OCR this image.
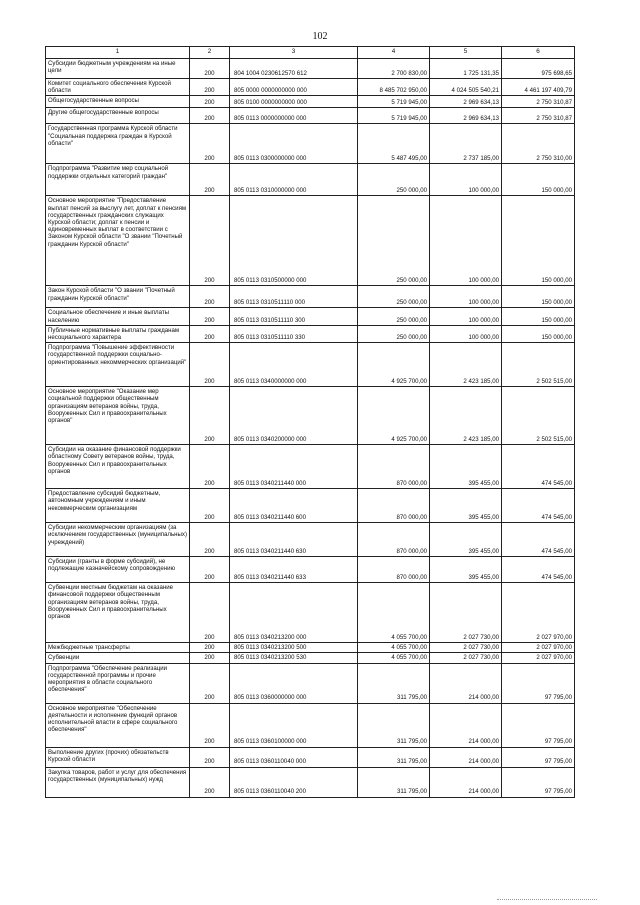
102
1	2	3	4	5	6
Субсидии бюджетным учреждениям на иные цели	200	804 1004 0230612570 612	2 700 830,00	1 725 131,35	975 698,65
Комитет социального обеспечения Курской области	200	805 0000 0000000000 000	8 485 702 950,00	4 024 505 540,21	4 461 197 409,79
Общегосударственные вопросы	200	805 0100 0000000000 000	5 719 945,00	2 969 634,13	2 750 310,87
Другие общегосударственные вопросы	200	805 0113 0000000000 000	5 719 945,00	2 969 634,13	2 750 310,87
Государственная программа Курской области "Социальная поддержка граждан в Курской области"	200	805 0113 0300000000 000	5 487 495,00	2 737 185,00	2 750 310,00
Подпрограмма "Развитие мер социальной поддержки отдельных категорий граждан"	200	805 0113 0310000000 000	250 000,00	100 000,00	150 000,00
Основное мероприятие "Предоставление выплат пенсий за выслугу лет, доплат к пенсиям государственных гражданских служащих Курской области; доплат к пенсии и единовременных выплат в соответствии с Законом Курской области "О звании "Почетный гражданин Курской области"	200	805 0113 0310500000 000	250 000,00	100 000,00	150 000,00
Закон Курской области "О звании "Почетный гражданин Курской области"	200	805 0113 0310511110 000	250 000,00	100 000,00	150 000,00
Социальное обеспечение и иные выплаты населению	200	805 0113 0310511110 300	250 000,00	100 000,00	150 000,00
Публичные нормативные выплаты гражданам несоциального характера	200	805 0113 0310511110 330	250 000,00	100 000,00	150 000,00
Подпрограмма "Повышение эффективности государственной поддержки социально-ориентированных некоммерческих организаций"	200	805 0113 0340000000 000	4 925 700,00	2 423 185,00	2 502 515,00
Основное мероприятие "Оказание мер социальной поддержки общественным организациям ветеранов войны, труда, Вооруженных Сил и правоохранительных органов"	200	805 0113 0340200000 000	4 925 700,00	2 423 185,00	2 502 515,00
Субсидии на оказание финансовой поддержки областному Совету ветеранов войны, труда, Вооруженных Сил и правоохранительных органов	200	805 0113 0340211440 000	870 000,00	395 455,00	474 545,00
Предоставление субсидий бюджетным, автономным учреждениям и иным некоммерческим организациям	200	805 0113 0340211440 600	870 000,00	395 455,00	474 545,00
Субсидии некоммерческим организациям (за исключением государственных (муниципальных) учреждений)	200	805 0113 0340211440 630	870 000,00	395 455,00	474 545,00
Субсидии (гранты в форме субсидий), не подлежащие казначейскому сопровождению	200	805 0113 0340211440 633	870 000,00	395 455,00	474 545,00
Субвенции местным бюджетам на оказание финансовой поддержки общественным организациям ветеранов войны, труда, Вооруженных Сил и правоохранительных органов	200	805 0113 0340213200 000	4 055 700,00	2 027 730,00	2 027 970,00
Межбюджетные трансферты	200	805 0113 0340213200 500	4 055 700,00	2 027 730,00	2 027 970,00
Субвенции	200	805 0113 0340213200 530	4 055 700,00	2 027 730,00	2 027 970,00
Подпрограмма "Обеспечение реализации государственной программы и прочие мероприятия в области социального обеспечения"	200	805 0113 0360000000 000	311 795,00	214 000,00	97 795,00
Основное мероприятие "Обеспечение деятельности и исполнение функций органов исполнительной власти в сфере социального обеспечения"	200	805 0113 0360100000 000	311 795,00	214 000,00	97 795,00
Выполнение других (прочих) обязательств Курской области	200	805 0113 0360110040 000	311 795,00	214 000,00	97 795,00
Закупка товаров, работ и услуг для обеспечения государственных (муниципальных) нужд	200	805 0113 0360110040 200	311 795,00	214 000,00	97 795,00
